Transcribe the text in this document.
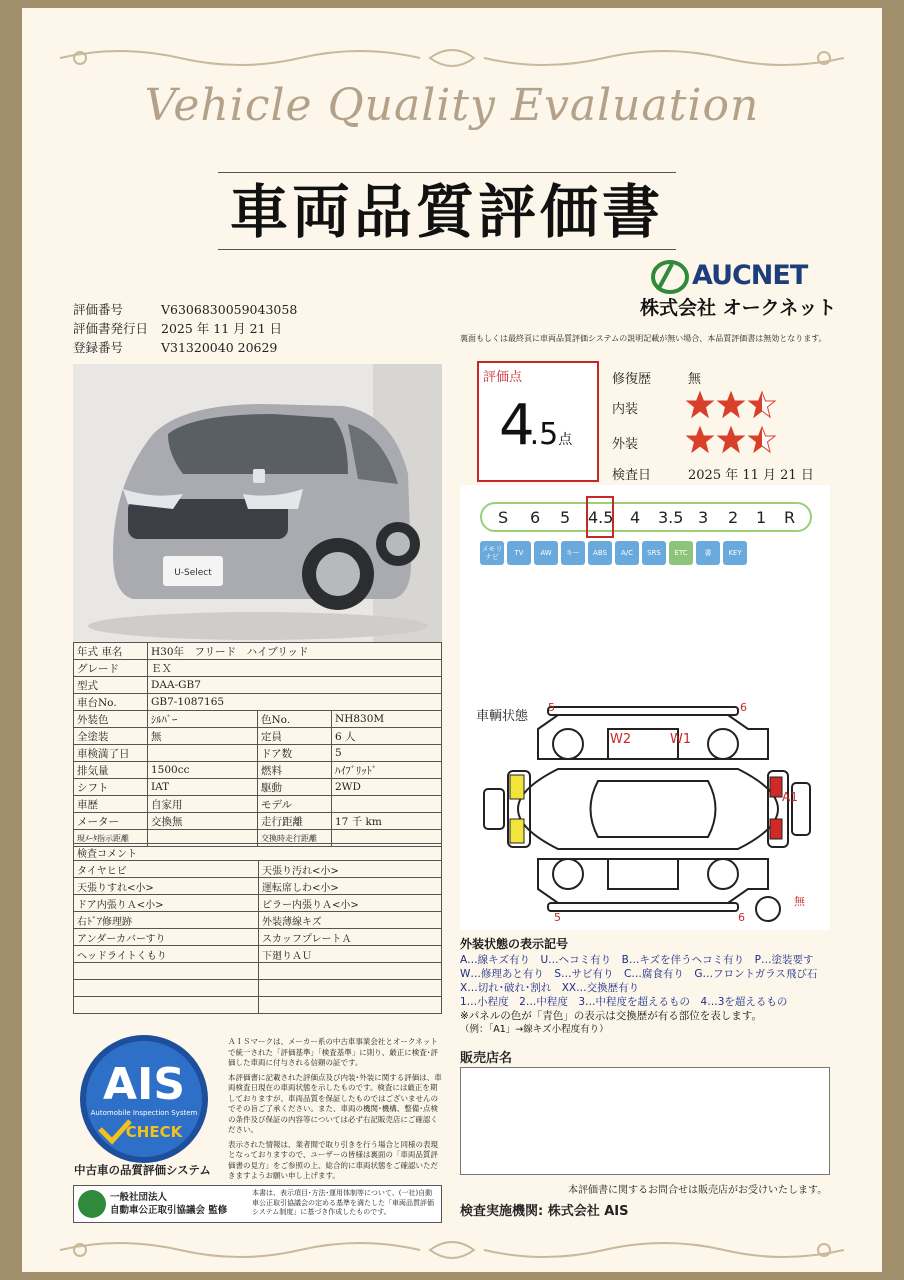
Vehicle Quality Evaluation
車両品質評価書
AUCNET
株式会社 オークネット
評価番号	V6306830059043058
評価書発行日	2025 年 11 月 21 日
登録番号	V31320040 20629
裏面もしくは最終頁に車両品質評価システムの説明記載が無い場合、本品質評価書は無効となります。
U-Select
年式 車名	H30年　フリード　ハイブリッド		
グレード	ＥＸ		
型式	DAA-GB7		
車台No.	GB7-1087165		
外装色	ｼﾙﾊﾞｰ	色No.	NH830M
全塗装	無	定員	6 人
車検満了日		ドア数	5
排気量	1500cc	燃料	ﾊｲﾌﾞﾘｯﾄﾞ
シフト	IAT	駆動	2WD
車歴	自家用	モデル	
メーター	交換無	走行距離	17 千 km
現ﾒｰﾀ指示距離		交換時走行距離	
検査コメント	
タイヤヒビ	天張り汚れ<小>
天張りすれ<小>	運転席しわ<小>
ドア内張りＡ<小>	ピラー内張りＡ<小>
右ﾄﾞｱ修理跡	外装薄線キズ
アンダーカバーすり	スカッフプレートＡ
ヘッドライトくもり	下廻りＡＵ

評価点
4.5点
修復歴	無
内装
外装
検査日	2025 年 11 月 21 日
S 6 5 4.5 4 3.5 3 2 1 R
メモリナビ	TV	AW	キー	ABS	A/C	SRS	ETC	書	KEY
車輌状態
5	6
W2	W1
A1
5	6
無
外装状態の表示記号
A…線キズ有り　U…ヘコミ有り　B…キズを伴うヘコミ有り　P…塗装要す
W…修理あと有り　S…サビ有り　C…腐食有り　G…フロントガラス飛び石
X…切れ･破れ･割れ　XX…交換歴有り
1…小程度　2…中程度　3…中程度を超えるもの　4…3を超えるもの
※パネルの色が「青色」の表示は交換歴が有る部位を表します。
（例：「A1」→線キズ小程度有り）
販売店名
本評価書に関するお問合せは販売店がお受けいたします。
検査実施機関: 株式会社 AIS
AIS
Automobile Inspection System
CHECK
中古車の品質評価システム

ＡＩＳマークは、メーカー系の中古車事業会社とオークネットで統一された「評価基準」「検査基準」に則り、厳正に検査･評価した車両に付与される信頼の証です。

本評価書に記載された評価点及び内装･外装に関する評価は、車両検査日現在の車両状態を示したものです。検査には厳正を期しておりますが、車両品質を保証したものではございませんのでその旨ご了承ください。また、車両の機関･機構、整備･点検の条件及び保証の内容等については必ず右記販売店にご確認ください。

表示された情報は、業者間で取り引きを行う場合と同様の表現となっておりますので、ユーザーの皆様は裏面の「車両品質評価書の見方」をご参照の上、総合的に車両状態をご確認いただきますようお願い申し上げます。

一般社団法人
自動車公正取引協議会 監修
本書は、表示項目･方法･運用体制等について、(一社)自動車公正取引協議会の定める基準を満たした「車両品質評価システム制度」に基づき作成したものです。
